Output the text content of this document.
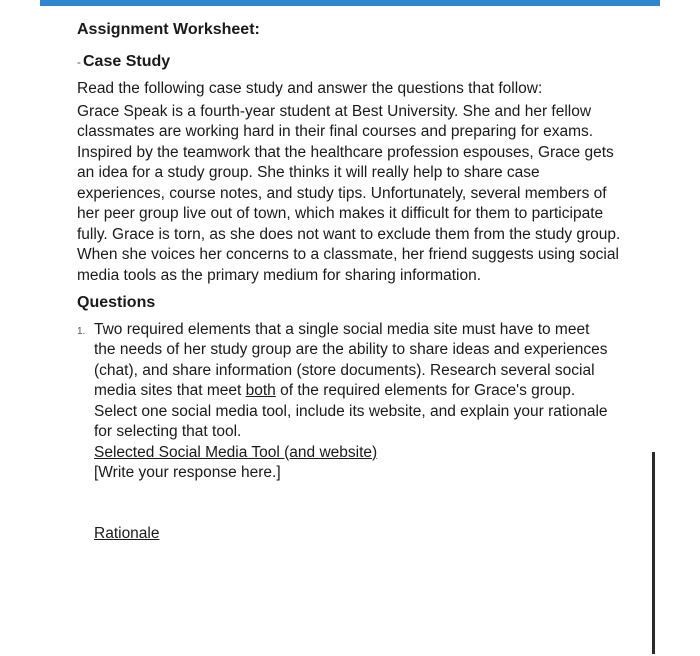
Assignment Worksheet:
- Case Study

Read the following case study and answer the questions that follow:

Grace Speak is a fourth-year student at Best University. She and her fellow classmates are working hard in their final courses and preparing for exams. Inspired by the teamwork that the healthcare profession espouses, Grace gets an idea for a study group. She thinks it will really help to share case experiences, course notes, and study tips. Unfortunately, several members of her peer group live out of town, which makes it difficult for them to participate fully. Grace is torn, as she does not want to exclude them from the study group. When she voices her concerns to a classmate, her friend suggests using social media tools as the primary medium for sharing information.

Questions
1. Two required elements that a single social media site must have to meet the needs of her study group are the ability to share ideas and experiences (chat), and share information (store documents). Research several social media sites that meet both of the required elements for Grace's group. Select one social media tool, include its website, and explain your rationale for selecting that tool.
Selected Social Media Tool (and website)
[Write your response here.]
Rationale
